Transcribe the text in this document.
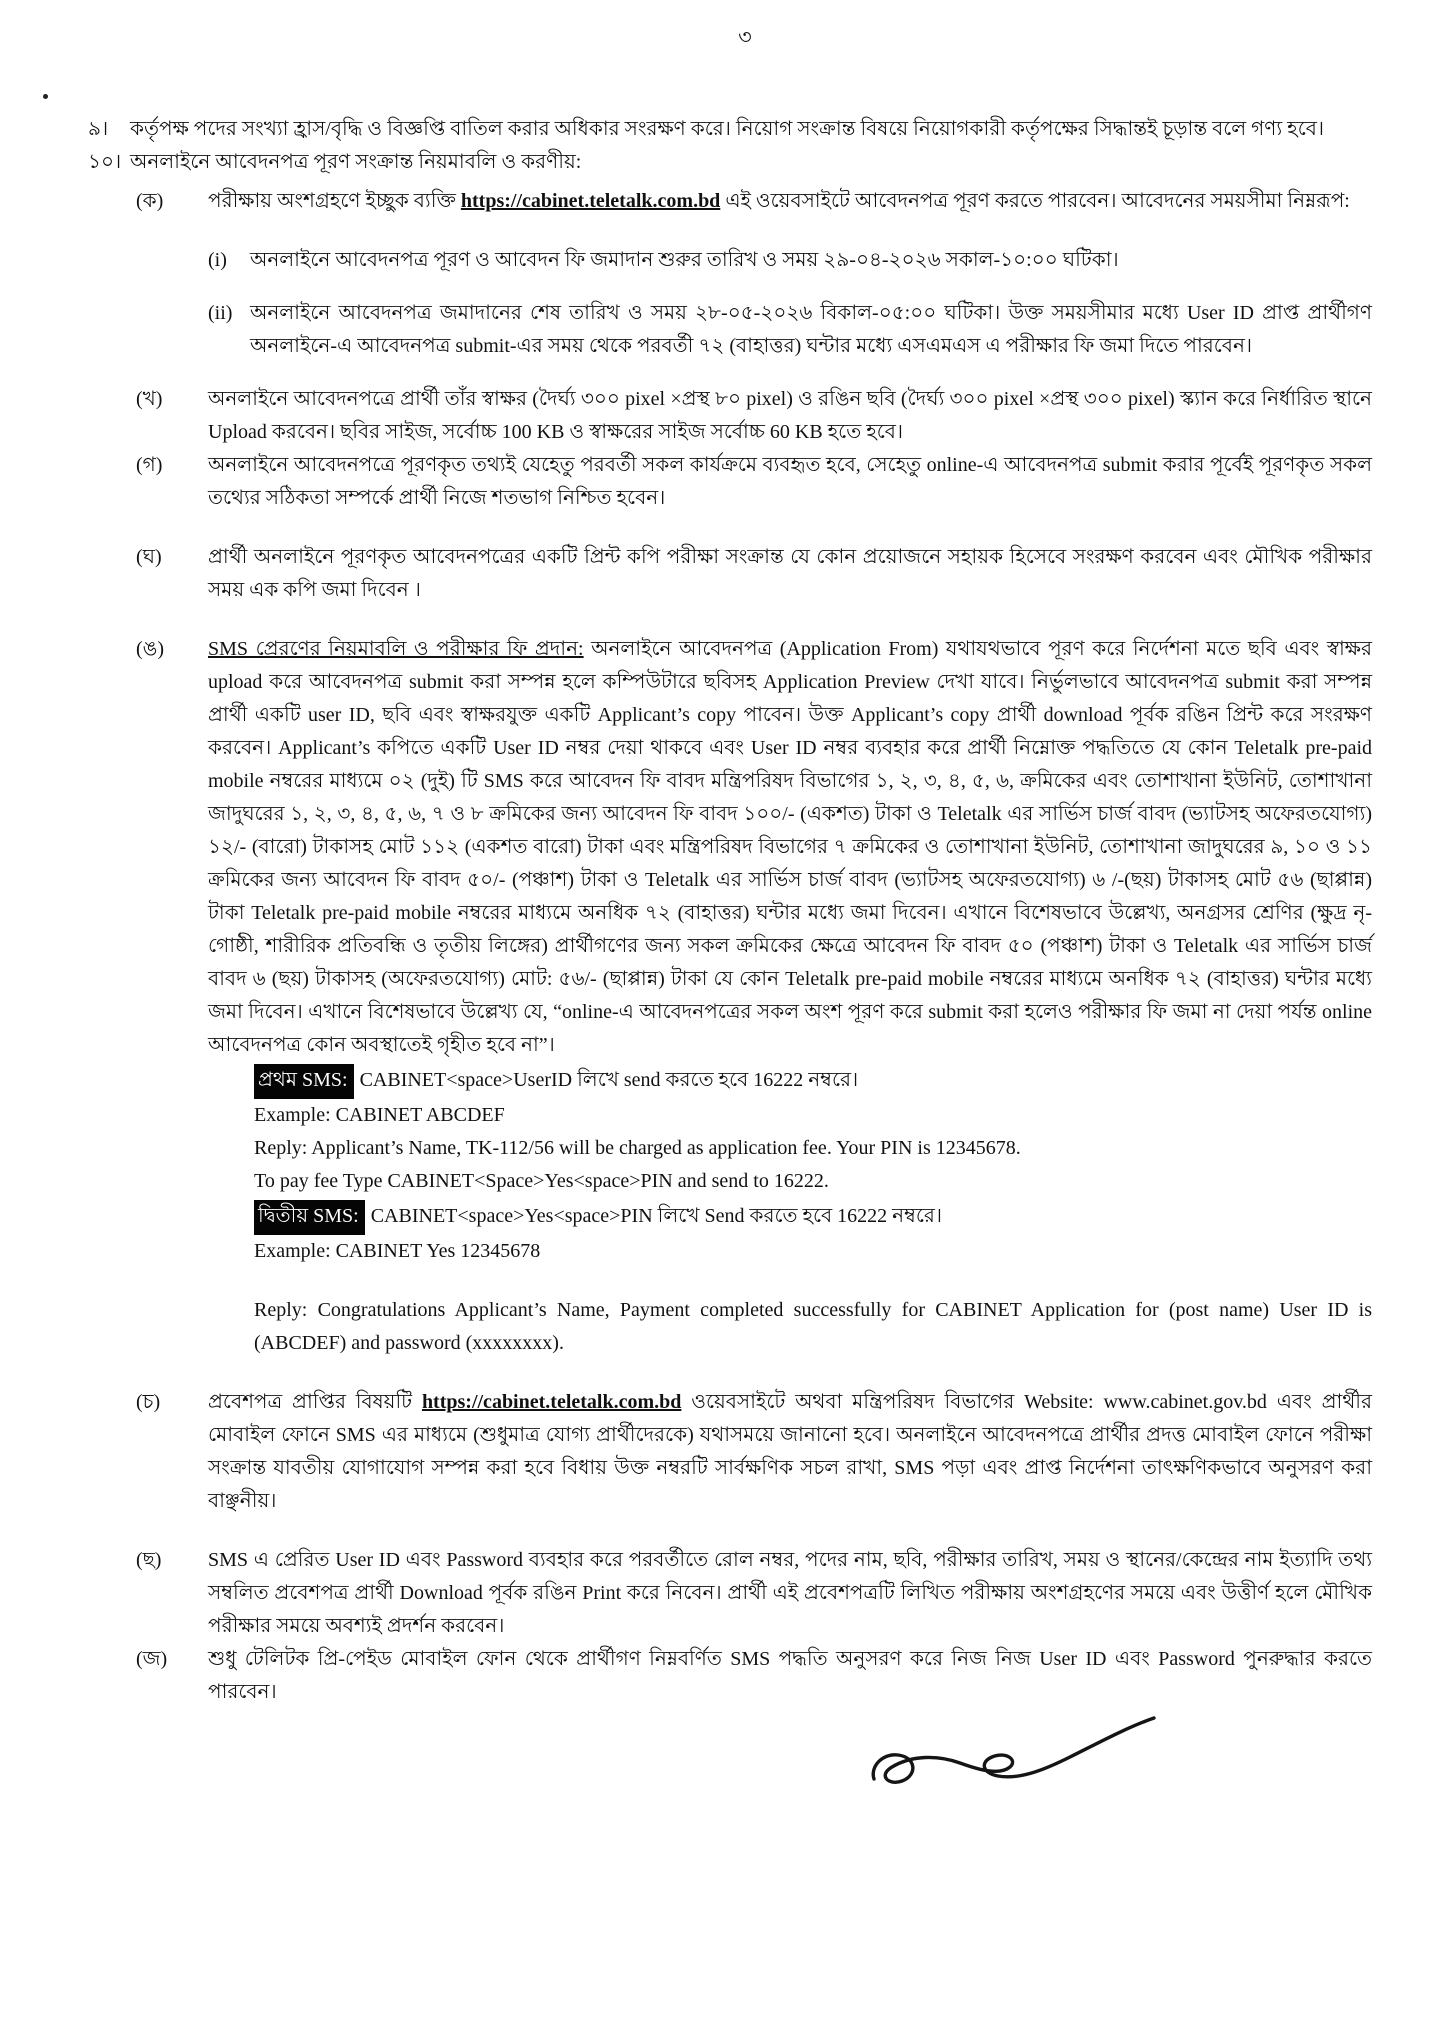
৩
৯।	কর্তৃপক্ষ পদের সংখ্যা হ্রাস/বৃদ্ধি ও বিজ্ঞপ্তি বাতিল করার অধিকার সংরক্ষণ করে। নিয়োগ সংক্রান্ত বিষয়ে নিয়োগকারী কর্তৃপক্ষের সিদ্ধান্তই চূড়ান্ত বলে গণ্য হবে।
১০। অনলাইনে আবেদনপত্র পূরণ সংক্রান্ত নিয়মাবলি ও করণীয়:
(ক)	পরীক্ষায় অংশগ্রহণে ইচ্ছুক ব্যক্তি https://cabinet.teletalk.com.bd এই ওয়েবসাইটে আবেদনপত্র পূরণ করতে পারবেন। আবেদনের সময়সীমা নিম্নরূপ:
(i)	অনলাইনে আবেদনপত্র পূরণ ও আবেদন ফি জমাদান শুরুর তারিখ ও সময় ২৯-০৪-২০২৬ সকাল-১০:০০ ঘটিকা।
(ii) অনলাইনে আবেদনপত্র জমাদানের শেষ তারিখ ও সময় ২৮-০৫-২০২৬ বিকাল-০৫:০০ ঘটিকা। উক্ত সময়সীমার মধ্যে User ID প্রাপ্ত প্রার্থীগণ অনলাইনে-এ আবেদনপত্র submit-এর সময় থেকে পরবর্তী ৭২ (বাহাত্তর) ঘন্টার মধ্যে এসএমএস এ পরীক্ষার ফি জমা দিতে পারবেন।
(খ)	অনলাইনে আবেদনপত্রে প্রার্থী তাঁর স্বাক্ষর (দৈর্ঘ্য ৩০০ pixel ×প্রস্থ ৮০ pixel) ও রঙিন ছবি (দৈর্ঘ্য ৩০০ pixel ×প্রস্থ ৩০০ pixel) স্ক্যান করে নির্ধারিত স্থানে Upload করবেন। ছবির সাইজ, সর্বোচ্চ 100 KB ও স্বাক্ষরের সাইজ সর্বোচ্চ 60 KB হতে হবে।
(গ)	অনলাইনে আবেদনপত্রে পূরণকৃত তথ্যই যেহেতু পরবর্তী সকল কার্যক্রমে ব্যবহৃত হবে, সেহেতু online-এ আবেদনপত্র submit করার পূর্বেই পূরণকৃত সকল তথ্যের সঠিকতা সম্পর্কে প্রার্থী নিজে শতভাগ নিশ্চিত হবেন।
(ঘ)	প্রার্থী অনলাইনে পূরণকৃত আবেদনপত্রের একটি প্রিন্ট কপি পরীক্ষা সংক্রান্ত যে কোন প্রয়োজনে সহায়ক হিসেবে সংরক্ষণ করবেন এবং মৌখিক পরীক্ষার সময় এক কপি জমা দিবেন ।
(ঙ)	SMS প্রেরণের নিয়মাবলি ও পরীক্ষার ফি প্রদান: অনলাইনে আবেদনপত্র (Application From) যথাযথভাবে পূরণ করে নির্দেশনা মতে ছবি এবং স্বাক্ষর upload করে আবেদনপত্র submit করা সম্পন্ন হলে কম্পিউটারে ছবিসহ Application Preview দেখা যাবে। নির্ভুলভাবে আবেদনপত্র submit করা সম্পন্ন প্রার্থী একটি user ID, ছবি এবং স্বাক্ষরযুক্ত একটি Applicant’s copy পাবেন। উক্ত Applicant’s copy প্রার্থী download পূর্বক রঙিন প্রিন্ট করে সংরক্ষণ করবেন। Applicant’s কপিতে একটি User ID নম্বর দেয়া থাকবে এবং User ID নম্বর ব্যবহার করে প্রার্থী নিম্নোক্ত পদ্ধতিতে যে কোন Teletalk pre-paid mobile নম্বরের মাধ্যমে ০২ (দুই) টি SMS করে আবেদন ফি বাবদ মন্ত্রিপরিষদ বিভাগের ১, ২, ৩, ৪, ৫, ৬, ক্রমিকের এবং তোশাখানা ইউনিট, তোশাখানা জাদুঘরের ১, ২, ৩, ৪, ৫, ৬, ৭ ও ৮ ক্রমিকের জন্য আবেদন ফি বাবদ ১০০/- (একশত) টাকা ও Teletalk এর সার্ভিস চার্জ বাবদ (ভ্যাটসহ অফেরতযোগ্য) ১২/- (বারো) টাকাসহ মোট ১১২ (একশত বারো) টাকা এবং মন্ত্রিপরিষদ বিভাগের ৭ ক্রমিকের ও তোশাখানা ইউনিট, তোশাখানা জাদুঘরের ৯, ১০ ও ১১ ক্রমিকের জন্য আবেদন ফি বাবদ ৫০/- (পঞ্চাশ) টাকা ও Teletalk এর সার্ভিস চার্জ বাবদ (ভ্যাটসহ অফেরতযোগ্য) ৬ /-(ছয়) টাকাসহ মোট ৫৬ (ছাপ্পান্ন) টাকা Teletalk pre-paid mobile নম্বরের মাধ্যমে অনধিক ৭২ (বাহাত্তর) ঘন্টার মধ্যে জমা দিবেন। এখানে বিশেষভাবে উল্লেখ্য, অনগ্রসর শ্রেণির (ক্ষুদ্র নৃ-গোষ্ঠী, শারীরিক প্রতিবন্ধি ও তৃতীয় লিঙ্গের) প্রার্থীগণের জন্য সকল ক্রমিকের ক্ষেত্রে আবেদন ফি বাবদ ৫০ (পঞ্চাশ) টাকা ও Teletalk এর সার্ভিস চার্জ বাবদ ৬ (ছয়) টাকাসহ (অফেরতযোগ্য) মোট: ৫৬/- (ছাপ্পান্ন) টাকা যে কোন Teletalk pre-paid mobile নম্বরের মাধ্যমে অনধিক ৭২ (বাহাত্তর) ঘন্টার মধ্যে জমা দিবেন। এখানে বিশেষভাবে উল্লেখ্য যে, “online-এ আবেদনপত্রের সকল অংশ পূরণ করে submit করা হলেও পরীক্ষার ফি জমা না দেয়া পর্যন্ত online আবেদনপত্র কোন অবস্থাতেই গৃহীত হবে না”।
প্রথম SMS: CABINET<space>UserID লিখে send করতে হবে 16222 নম্বরে।
Example: CABINET ABCDEF
Reply: Applicant’s Name, TK-112/56 will be charged as application fee. Your PIN is 12345678.
To pay fee Type CABINET<Space>Yes<space>PIN and send to 16222.
দ্বিতীয় SMS: CABINET<space>Yes<space>PIN লিখে Send করতে হবে 16222 নম্বরে।
Example: CABINET Yes 12345678
Reply: Congratulations Applicant’s Name, Payment completed successfully for CABINET Application for (post name) User ID is (ABCDEF) and password (xxxxxxxx).
(চ)	প্রবেশপত্র প্রাপ্তির বিষয়টি https://cabinet.teletalk.com.bd ওয়েবসাইটে অথবা মন্ত্রিপরিষদ বিভাগের Website: www.cabinet.gov.bd এবং প্রার্থীর মোবাইল ফোনে SMS এর মাধ্যমে (শুধুমাত্র যোগ্য প্রার্থীদেরকে) যথাসময়ে জানানো হবে। অনলাইনে আবেদনপত্রে প্রার্থীর প্রদত্ত মোবাইল ফোনে পরীক্ষা সংক্রান্ত যাবতীয় যোগাযোগ সম্পন্ন করা হবে বিধায় উক্ত নম্বরটি সার্বক্ষণিক সচল রাখা, SMS পড়া এবং প্রাপ্ত নির্দেশনা তাৎক্ষণিকভাবে অনুসরণ করা বাঞ্ছনীয়।
(ছ)	SMS এ প্রেরিত User ID এবং Password ব্যবহার করে পরবর্তীতে রোল নম্বর, পদের নাম, ছবি, পরীক্ষার তারিখ, সময় ও স্থানের/কেন্দ্রের নাম ইত্যাদি তথ্য সম্বলিত প্রবেশপত্র প্রার্থী Download পূর্বক রঙিন Print করে নিবেন। প্রার্থী এই প্রবেশপত্রটি লিখিত পরীক্ষায় অংশগ্রহণের সময়ে এবং উত্তীর্ণ হলে মৌখিক পরীক্ষার সময়ে অবশ্যই প্রদর্শন করবেন।
(জ)	শুধু টেলিটক প্রি-পেইড মোবাইল ফোন থেকে প্রার্থীগণ নিম্নবর্ণিত SMS পদ্ধতি অনুসরণ করে নিজ নিজ User ID এবং Password পুনরুদ্ধার করতে পারবেন।
